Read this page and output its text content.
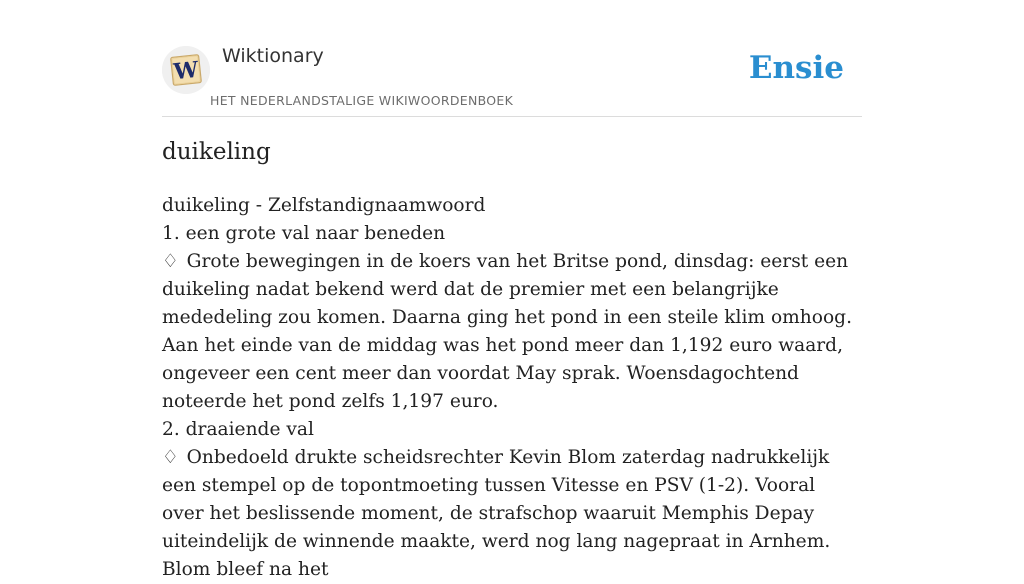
W
Wiktionary
HET NEDERLANDSTALIGE WIKIWOORDENBOEK
Ensie
duikeling
duikeling - Zelfstandignaamwoord
1. een grote val naar beneden
♢ Grote bewegingen in de koers van het Britse pond, dinsdag: eerst een duikeling nadat bekend werd dat de premier met een belangrijke mededeling zou komen. Daarna ging het pond in een steile klim omhoog. Aan het einde van de middag was het pond meer dan 1,192 euro waard, ongeveer een cent meer dan voordat May sprak. Woensdagochtend noteerde het pond zelfs 1,197 euro.
2. draaiende val
♢ Onbedoeld drukte scheidsrechter Kevin Blom zaterdag nadrukkelijk een stempel op de topontmoeting tussen Vitesse en PSV (1-2). Vooral over het beslissende moment, de strafschop waaruit Memphis Depay uiteindelijk de winnende maakte, werd nog lang nagepraat in Arnhem. Blom bleef na het
